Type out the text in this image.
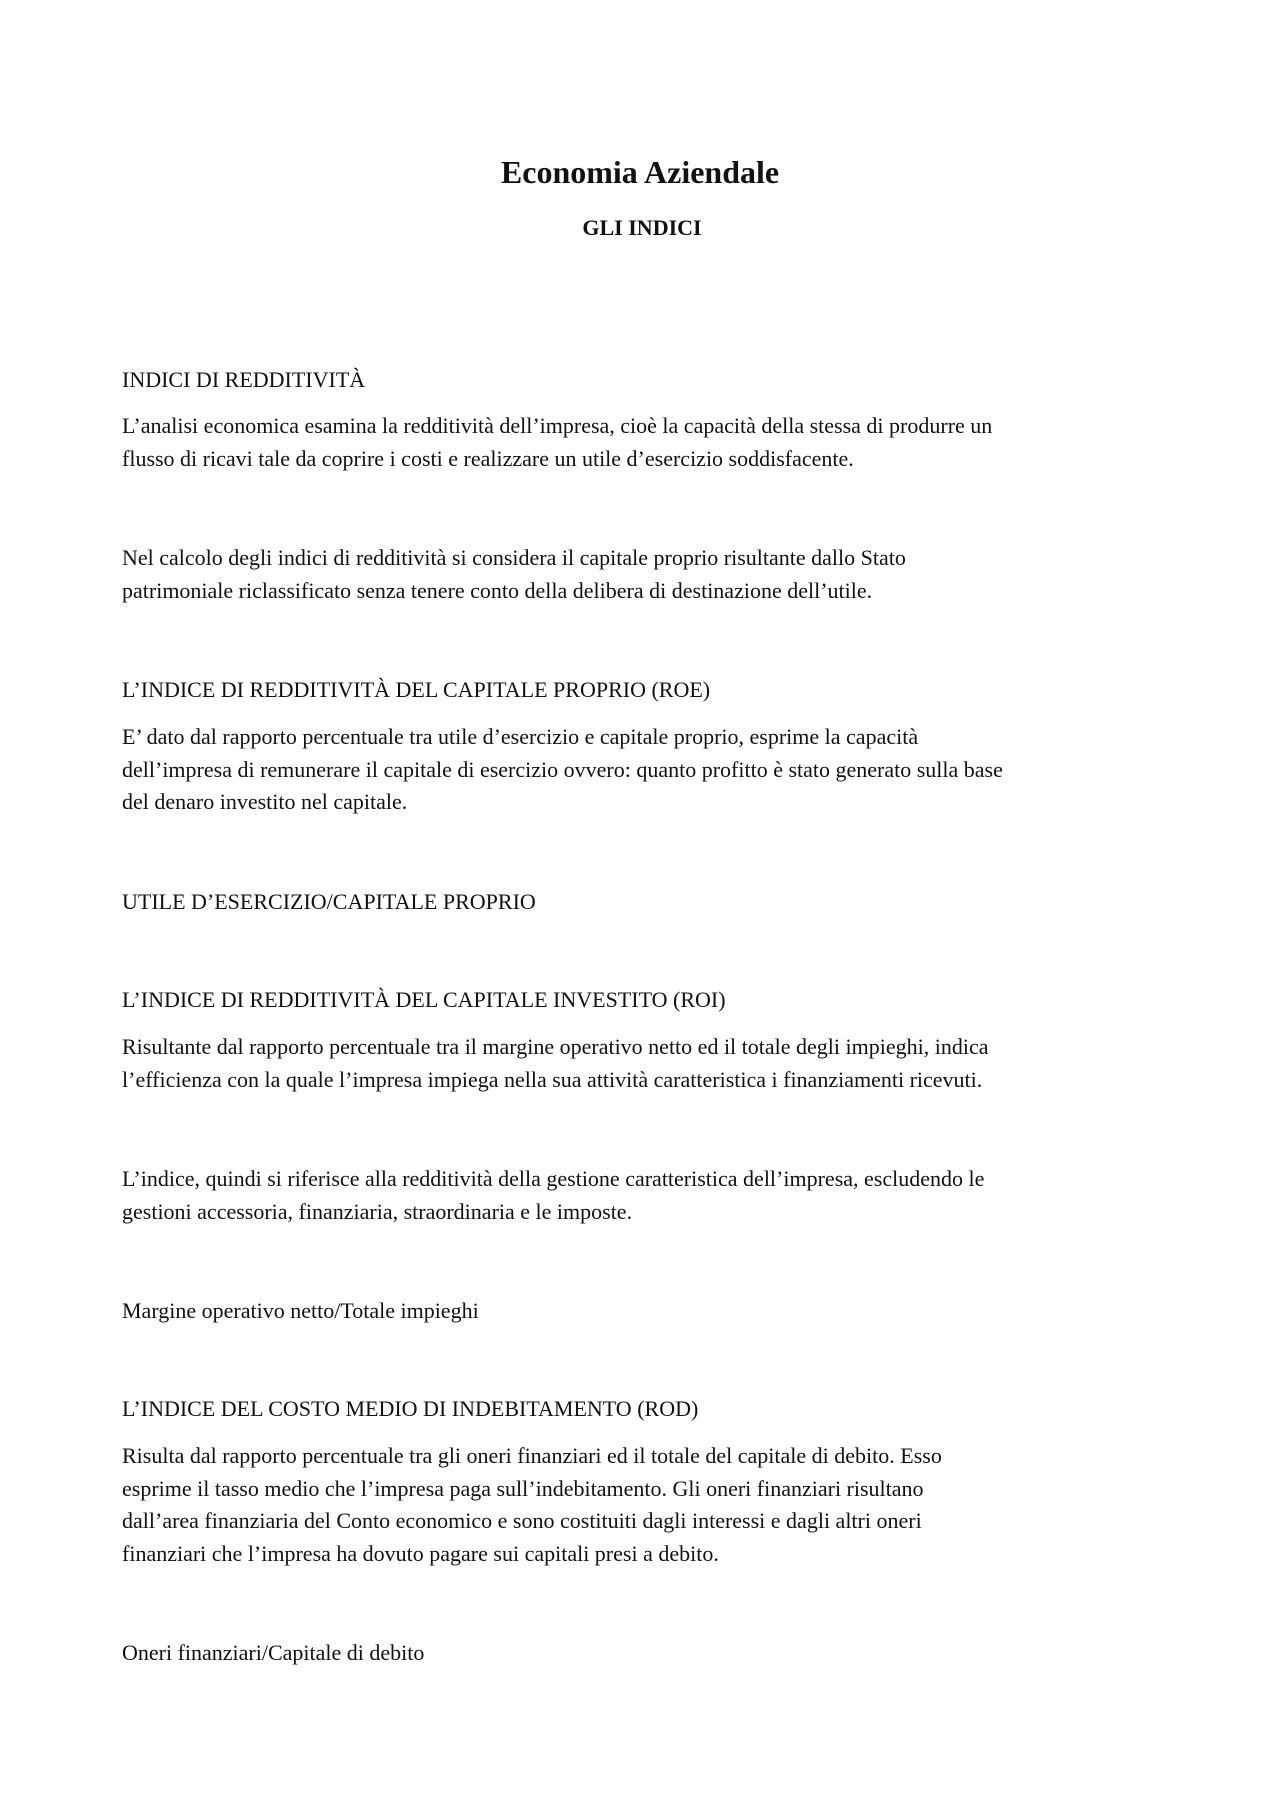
Economia Aziendale
GLI INDICI
INDICI DI REDDITIVITÀ
L’analisi economica esamina la redditività dell’impresa, cioè la capacità della stessa di produrre un
flusso di ricavi tale da coprire i costi e realizzare un utile d’esercizio soddisfacente.
Nel calcolo degli indici di redditività si considera il capitale proprio risultante dallo Stato
patrimoniale riclassificato senza tenere conto della delibera di destinazione dell’utile.
L’INDICE DI REDDITIVITÀ DEL CAPITALE PROPRIO (ROE)
E’ dato dal rapporto percentuale tra utile d’esercizio e capitale proprio, esprime la capacità
dell’impresa di remunerare il capitale di esercizio ovvero: quanto profitto è stato generato sulla base
del denaro investito nel capitale.
UTILE D’ESERCIZIO/CAPITALE PROPRIO
L’INDICE DI REDDITIVITÀ DEL CAPITALE INVESTITO (ROI)
Risultante dal rapporto percentuale tra il margine operativo netto ed il totale degli impieghi, indica
l’efficienza con la quale l’impresa impiega nella sua attività caratteristica i finanziamenti ricevuti.
L’indice, quindi si riferisce alla redditività della gestione caratteristica dell’impresa, escludendo le
gestioni accessoria, finanziaria, straordinaria e le imposte.
Margine operativo netto/Totale impieghi
L’INDICE DEL COSTO MEDIO DI INDEBITAMENTO (ROD)
Risulta dal rapporto percentuale tra gli oneri finanziari ed il totale del capitale di debito. Esso
esprime il tasso medio che l’impresa paga sull’indebitamento. Gli oneri finanziari risultano
dall’area finanziaria del Conto economico e sono costituiti dagli interessi e dagli altri oneri
finanziari che l’impresa ha dovuto pagare sui capitali presi a debito.
Oneri finanziari/Capitale di debito
